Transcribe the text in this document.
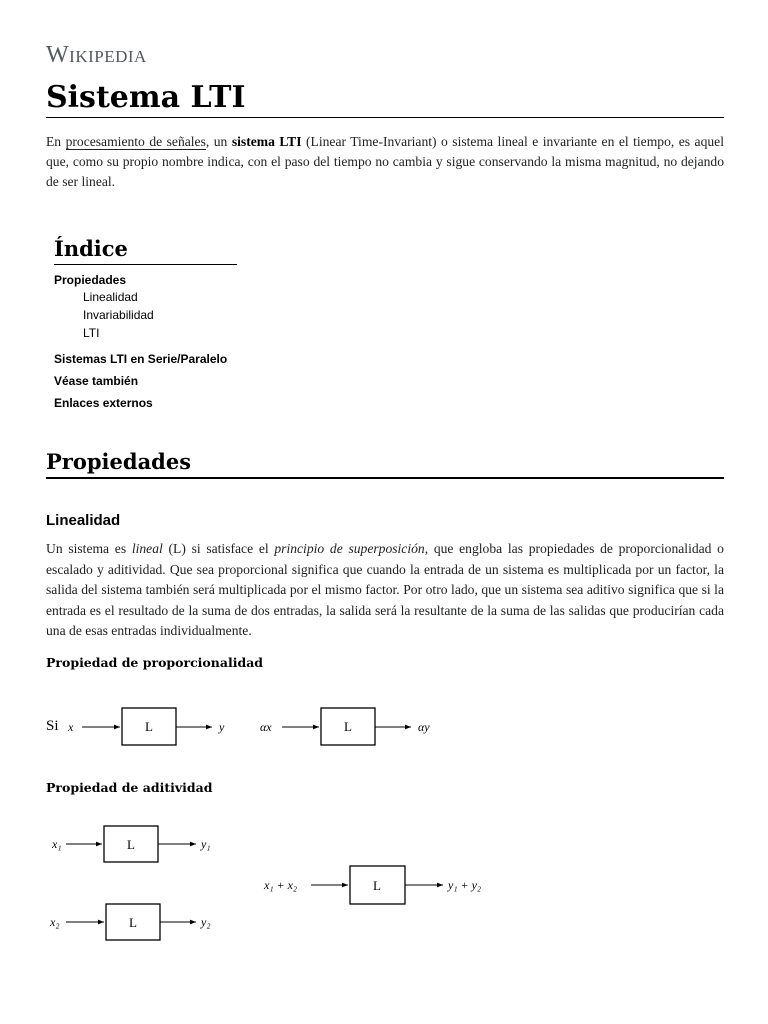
Wikipedia
Sistema LTI

En procesamiento de señales, un sistema LTI (Linear Time-Invariant) o sistema lineal e invariante en el tiempo, es aquel que, como su propio nombre indica, con el paso del tiempo no cambia y sigue conservando la misma magnitud, no dejando de ser lineal.

Índice
Propiedades
Linealidad
Invariabilidad
LTI
Sistemas LTI en Serie/Paralelo
Véase también
Enlaces externos
Propiedades
Linealidad

Un sistema es lineal (L) si satisface el principio de superposición, que engloba las propiedades de proporcionalidad o escalado y aditividad. Que sea proporcional significa que cuando la entrada de un sistema es multiplicada por un factor, la salida del sistema también será multiplicada por el mismo factor. Por otro lado, que un sistema sea aditivo significa que si la entrada es el resultado de la suma de dos entradas, la salida será la resultante de la suma de las salidas que producirían cada una de esas entradas individualmente.

Propiedad de proporcionalidad
Si x	L	y	αx	L	αy
Propiedad de aditividad
x₁	L	y₁
x₂	L	y₂
x₁ + x₂	L	y₁ + y₂
